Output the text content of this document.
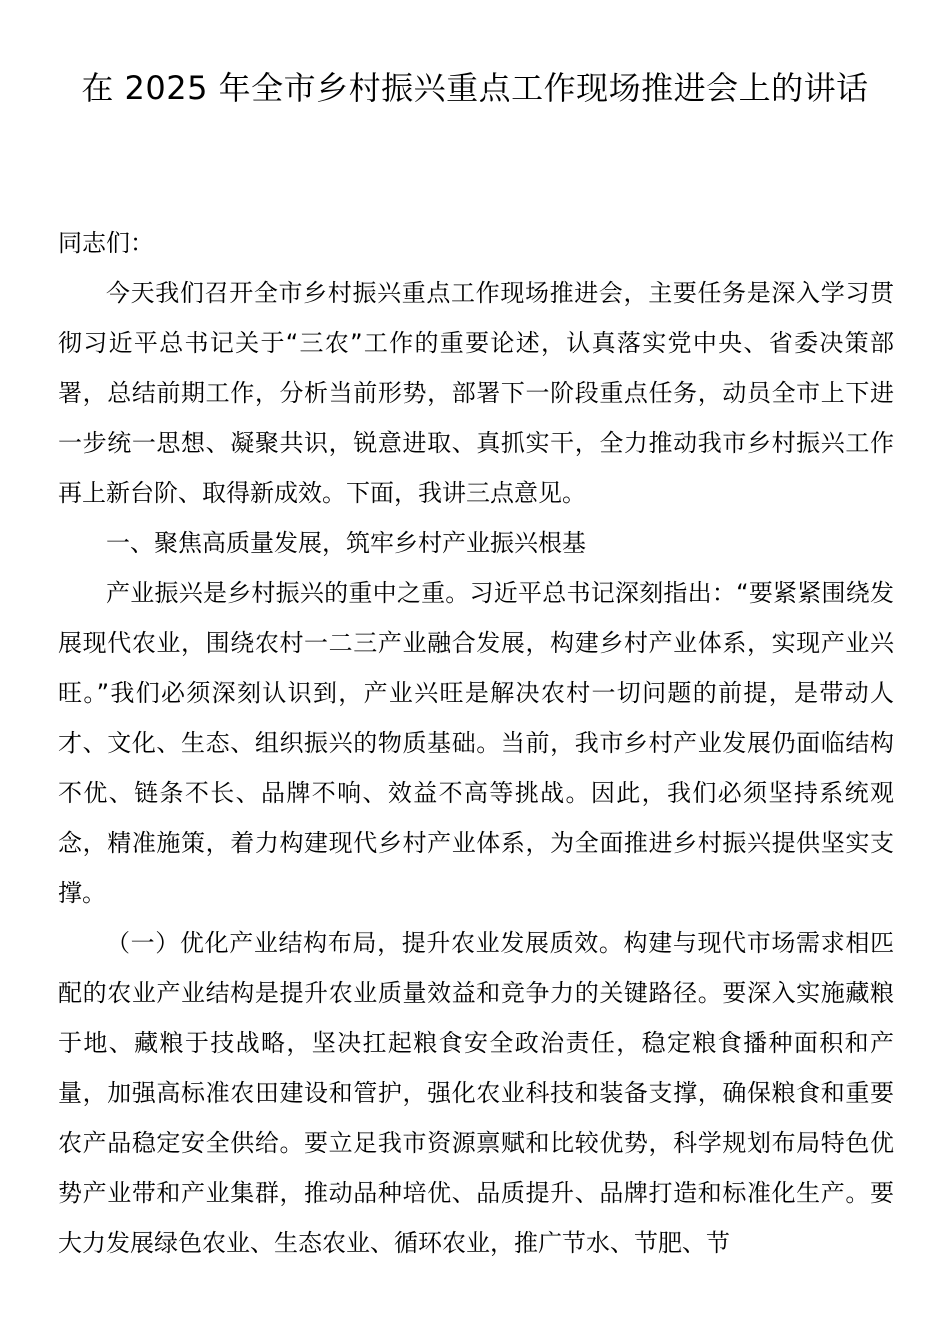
在 2025 年全市乡村振兴重点工作现场推进会上的讲话

同志们：

今天我们召开全市乡村振兴重点工作现场推进会，主要任务是深入学习贯彻习近平总书记关于“三农”工作的重要论述，认真落实党中央、省委决策部署，总结前期工作，分析当前形势，部署下一阶段重点任务，动员全市上下进一步统一思想、凝聚共识，锐意进取、真抓实干，全力推动我市乡村振兴工作再上新台阶、取得新成效。下面，我讲三点意见。

一、聚焦高质量发展，筑牢乡村产业振兴根基

产业振兴是乡村振兴的重中之重。习近平总书记深刻指出：“要紧紧围绕发展现代农业，围绕农村一二三产业融合发展，构建乡村产业体系，实现产业兴旺。”我们必须深刻认识到，产业兴旺是解决农村一切问题的前提，是带动人才、文化、生态、组织振兴的物质基础。当前，我市乡村产业发展仍面临结构不优、链条不长、品牌不响、效益不高等挑战。因此，我们必须坚持系统观念，精准施策，着力构建现代乡村产业体系，为全面推进乡村振兴提供坚实支撑。

（一）优化产业结构布局，提升农业发展质效。构建与现代市场需求相匹配的农业产业结构是提升农业质量效益和竞争力的关键路径。要深入实施藏粮于地、藏粮于技战略，坚决扛起粮食安全政治责任，稳定粮食播种面积和产量，加强高标准农田建设和管护，强化农业科技和装备支撑，确保粮食和重要农产品稳定安全供给。要立足我市资源禀赋和比较优势，科学规划布局特色优势产业带和产业集群，推动品种培优、品质提升、品牌打造和标准化生产。要大力发展绿色农业、生态农业、循环农业，推广节水、节肥、节
